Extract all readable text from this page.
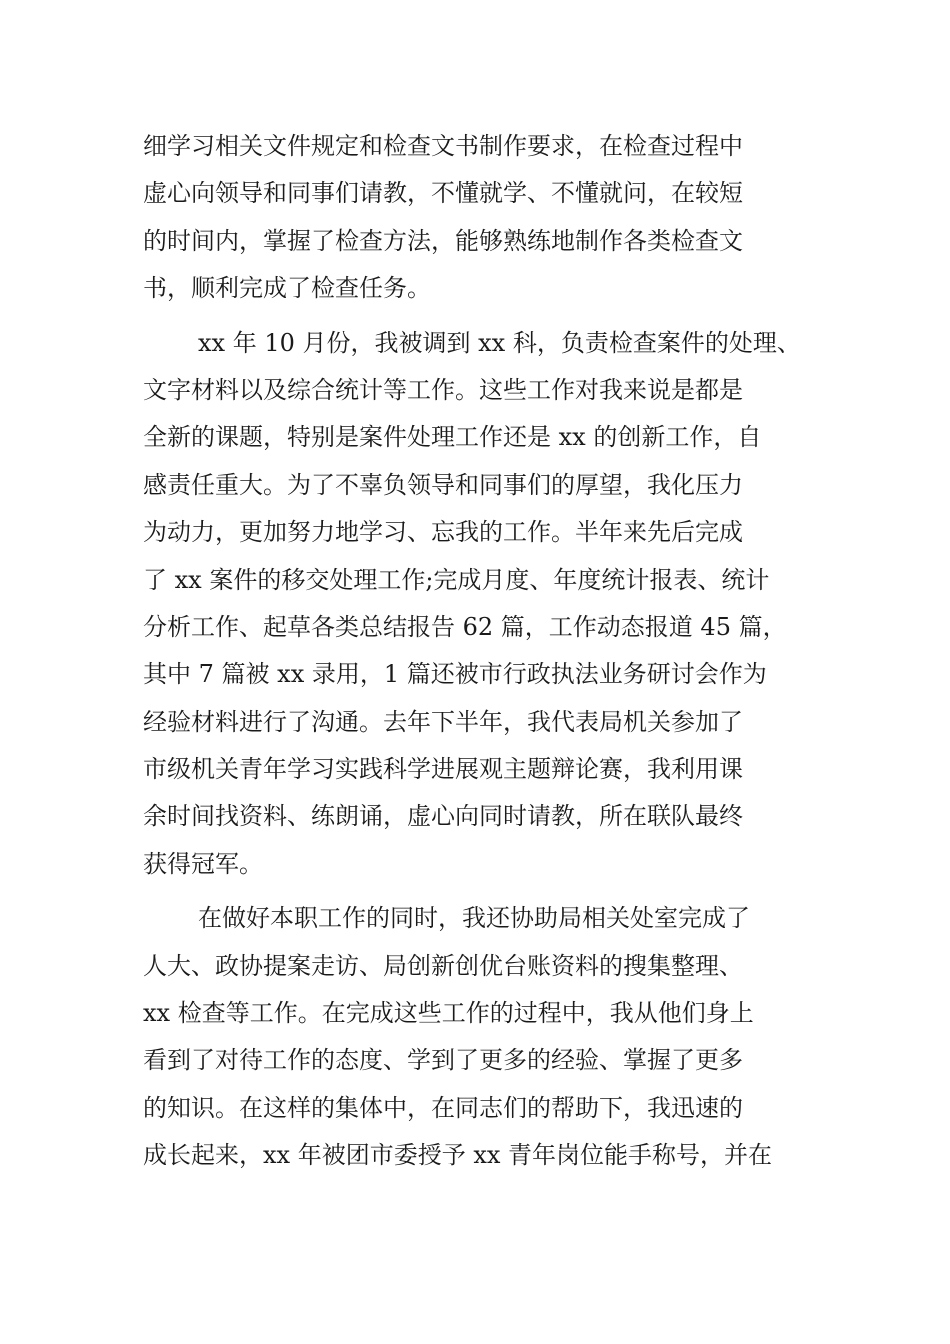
细学习相关文件规定和检查文书制作要求，在检查过程中
虚心向领导和同事们请教，不懂就学、不懂就问，在较短
的时间内，掌握了检查方法，能够熟练地制作各类检查文
书，顺利完成了检查任务。
xx 年 10 月份，我被调到 xx 科，负责检查案件的处理、
文字材料以及综合统计等工作。这些工作对我来说是都是
全新的课题，特别是案件处理工作还是 xx 的创新工作，自
感责任重大。为了不辜负领导和同事们的厚望，我化压力
为动力，更加努力地学习、忘我的工作。半年来先后完成
了 xx 案件的移交处理工作;完成月度、年度统计报表、统计
分析工作、起草各类总结报告 62 篇，工作动态报道 45 篇，
其中 7 篇被 xx 录用，1 篇还被市行政执法业务研讨会作为
经验材料进行了沟通。去年下半年，我代表局机关参加了
市级机关青年学习实践科学进展观主题辩论赛，我利用课
余时间找资料、练朗诵，虚心向同时请教，所在联队最终
获得冠军。
在做好本职工作的同时，我还协助局相关处室完成了
人大、政协提案走访、局创新创优台账资料的搜集整理、
xx 检查等工作。在完成这些工作的过程中，我从他们身上
看到了对待工作的态度、学到了更多的经验、掌握了更多
的知识。在这样的集体中，在同志们的帮助下，我迅速的
成长起来，xx 年被团市委授予 xx 青年岗位能手称号，并在
